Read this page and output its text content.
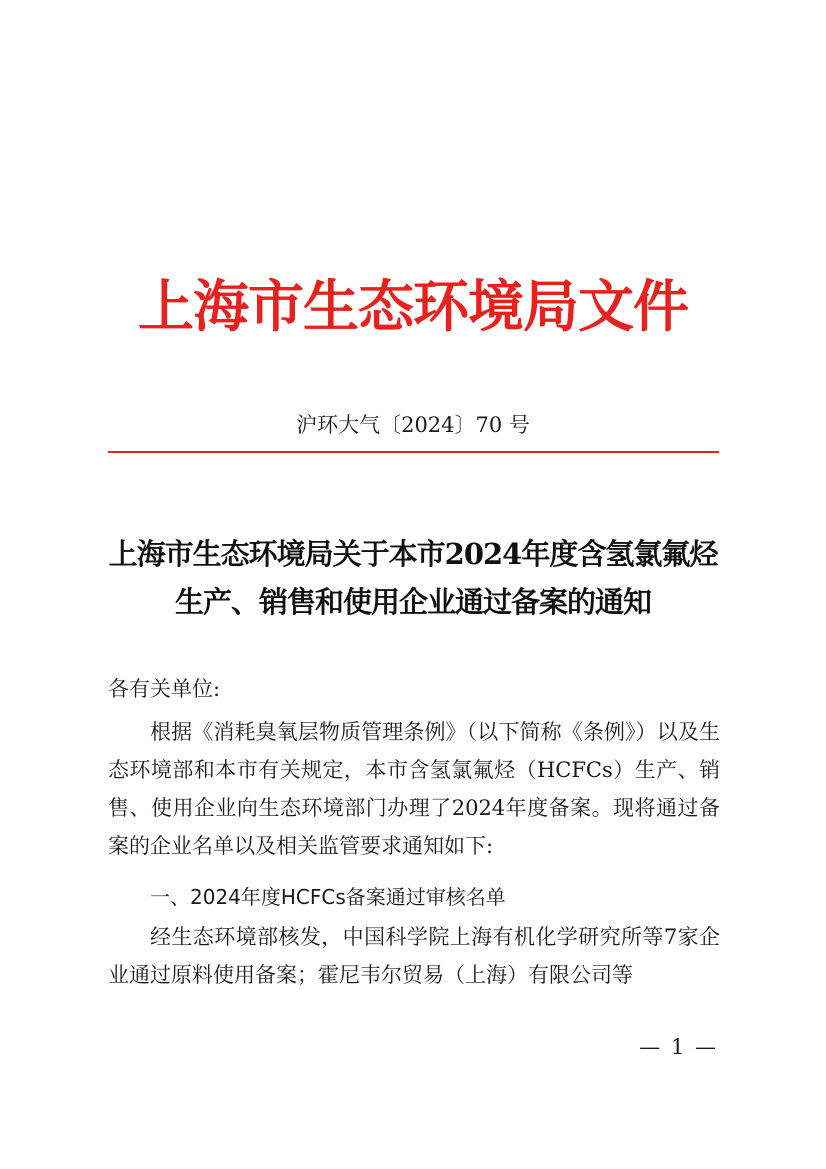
上海市生态环境局文件
沪环大气〔2024〕70 号
上海市生态环境局关于本市2024年度含氢氯氟烃
生产、销售和使用企业通过备案的通知
各有关单位:
根据《消耗臭氧层物质管理条例》（以下简称《条例》）以及生态环境部和本市有关规定，本市含氢氯氟烃（HCFCs）生产、销售、使用企业向生态环境部门办理了2024年度备案。现将通过备案的企业名单以及相关监管要求通知如下:
一、2024年度HCFCs备案通过审核名单
经生态环境部核发，中国科学院上海有机化学研究所等7家企业通过原料使用备案；霍尼韦尔贸易（上海）有限公司等
— 1 —
